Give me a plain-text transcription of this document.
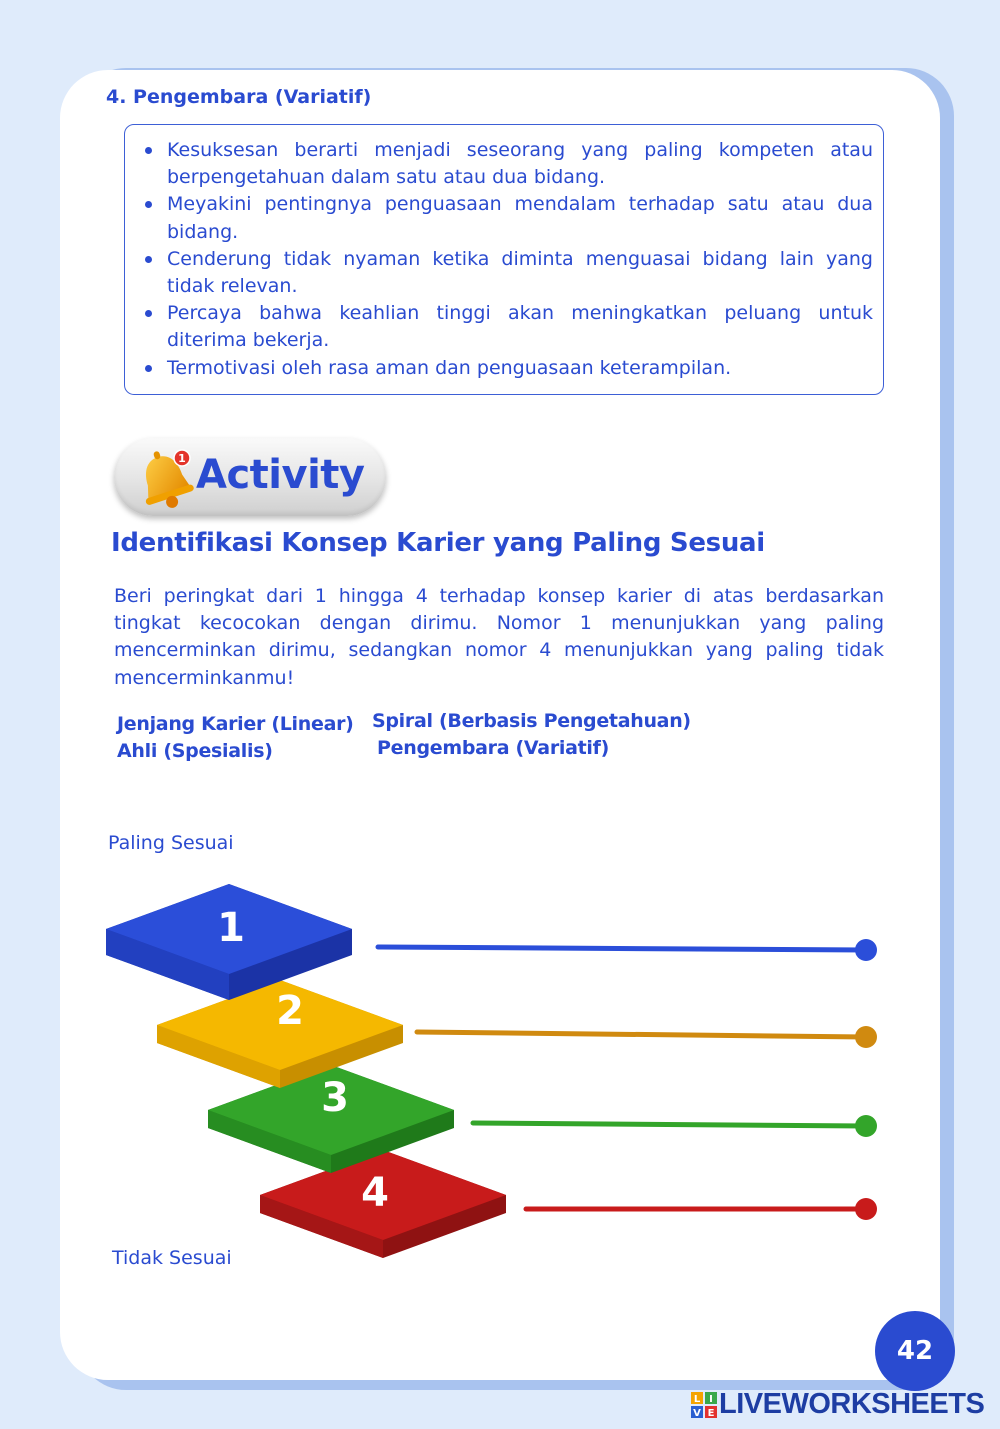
4. Pengembara (Variatif)
Kesuksesan berarti menjadi seseorang yang paling kompeten atau berpengetahuan dalam satu atau dua bidang.
Meyakini pentingnya penguasaan mendalam terhadap satu atau dua bidang.
Cenderung tidak nyaman ketika diminta menguasai bidang lain yang tidak relevan.
Percaya bahwa keahlian tinggi akan meningkatkan peluang untuk diterima bekerja.
Termotivasi oleh rasa aman dan penguasaan keterampilan.
1 Activity
Identifikasi Konsep Karier yang Paling Sesuai

Beri peringkat dari 1 hingga 4 terhadap konsep karier di atas berdasarkan tingkat kecocokan dengan dirimu. Nomor 1 menunjukkan yang paling mencerminkan dirimu, sedangkan nomor 4 menunjukkan yang paling tidak mencerminkanmu!

Jenjang Karier (Linear) Spiral (Berbasis Pengetahuan)
Ahli (Spesialis)	Pengembara (Variatif)
Paling Sesuai
4
3
2
1
Tidak Sesuai
42
L I
V E LIVEWORKSHEETS
